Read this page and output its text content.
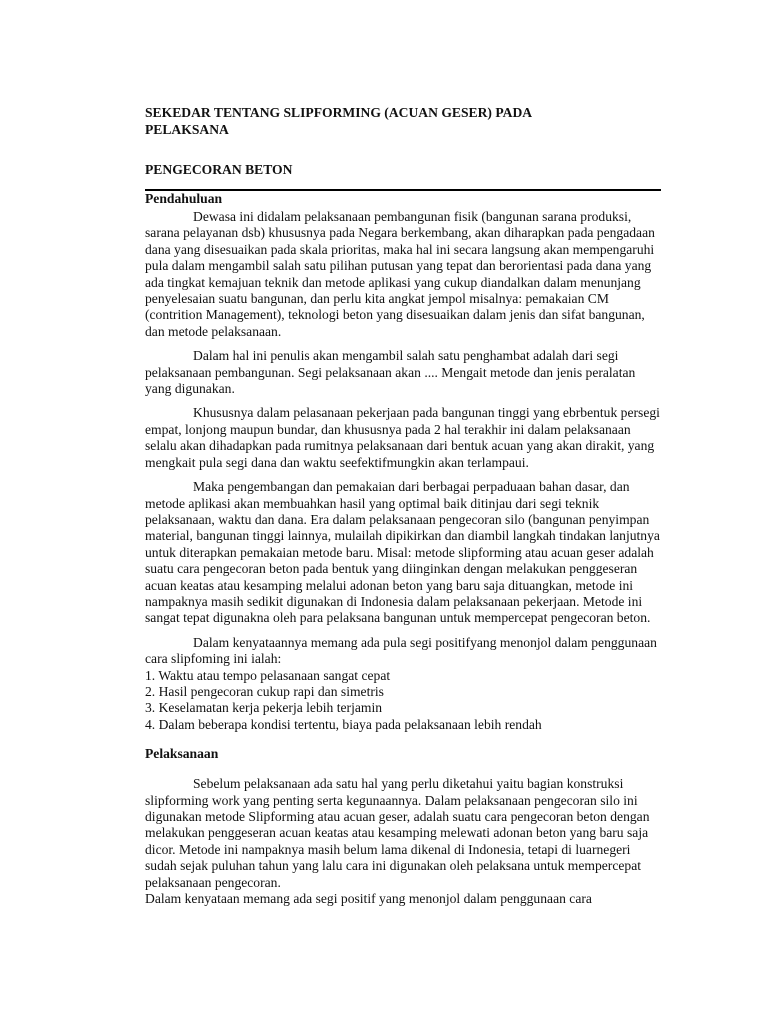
SEKEDAR TENTANG SLIPFORMING (ACUAN GESER) PADA
PELAKSANA

PENGECORAN BETON

Pendahuluan

Dewasa ini didalam pelaksanaan pembangunan fisik (bangunan sarana produksi, sarana pelayanan dsb) khususnya pada Negara berkembang, akan diharapkan pada pengadaan dana yang disesuaikan pada skala prioritas, maka hal ini secara langsung akan mempengaruhi pula dalam mengambil salah satu pilihan putusan yang tepat dan berorientasi pada dana yang ada tingkat kemajuan teknik dan metode aplikasi yang cukup diandalkan dalam menunjang penyelesaian suatu bangunan, dan perlu kita angkat jempol misalnya: pemakaian CM (contrition Management), teknologi beton yang disesuaikan dalam jenis dan sifat bangunan, dan metode pelaksanaan.

Dalam hal ini penulis akan mengambil salah satu penghambat adalah dari segi pelaksanaan pembangunan. Segi pelaksanaan akan .... Mengait metode dan jenis peralatan yang digunakan.

Khususnya dalam pelasanaan pekerjaan pada bangunan tinggi yang ebrbentuk persegi empat, lonjong maupun bundar, dan khususnya pada 2 hal terakhir ini dalam pelaksanaan selalu akan dihadapkan pada rumitnya pelaksanaan dari bentuk acuan yang akan dirakit, yang mengkait pula segi dana dan waktu seefektifmungkin akan terlampaui.

Maka pengembangan dan pemakaian dari berbagai perpaduaan bahan dasar, dan metode aplikasi akan membuahkan hasil yang optimal baik ditinjau dari segi teknik pelaksanaan, waktu dan dana. Era dalam pelaksanaan pengecoran silo (bangunan penyimpan material, bangunan tinggi lainnya, mulailah dipikirkan dan diambil langkah tindakan lanjutnya untuk diterapkan pemakaian metode baru. Misal: metode slipforming atau acuan geser adalah suatu cara pengecoran beton pada bentuk yang diinginkan dengan melakukan penggeseran acuan keatas atau kesamping melalui adonan beton yang baru saja dituangkan, metode ini nampaknya masih sedikit digunakan di Indonesia dalam pelaksanaan pekerjaan. Metode ini sangat tepat digunakna oleh para pelaksana bangunan untuk mempercepat pengecoran beton.

Dalam kenyataannya memang ada pula segi positifyang menonjol dalam penggunaan cara slipfoming ini ialah:

1. Waktu atau tempo pelasanaan sangat cepat
2. Hasil pengecoran cukup rapi dan simetris
3. Keselamatan kerja pekerja lebih terjamin
4. Dalam beberapa kondisi tertentu, biaya pada pelaksanaan lebih rendah

Pelaksanaan

Sebelum pelaksanaan ada satu hal yang perlu diketahui yaitu bagian konstruksi slipforming work yang penting serta kegunaannya. Dalam pelaksanaan pengecoran silo ini digunakan metode Slipforming atau acuan geser, adalah suatu cara pengecoran beton dengan melakukan penggeseran acuan keatas atau kesamping melewati adonan beton yang baru saja dicor. Metode ini nampaknya masih belum lama dikenal di Indonesia, tetapi di luarnegeri sudah sejak puluhan tahun yang lalu cara ini digunakan oleh pelaksana untuk mempercepat pelaksanaan pengecoran.

Dalam kenyataan memang ada segi positif yang menonjol dalam penggunaan cara
